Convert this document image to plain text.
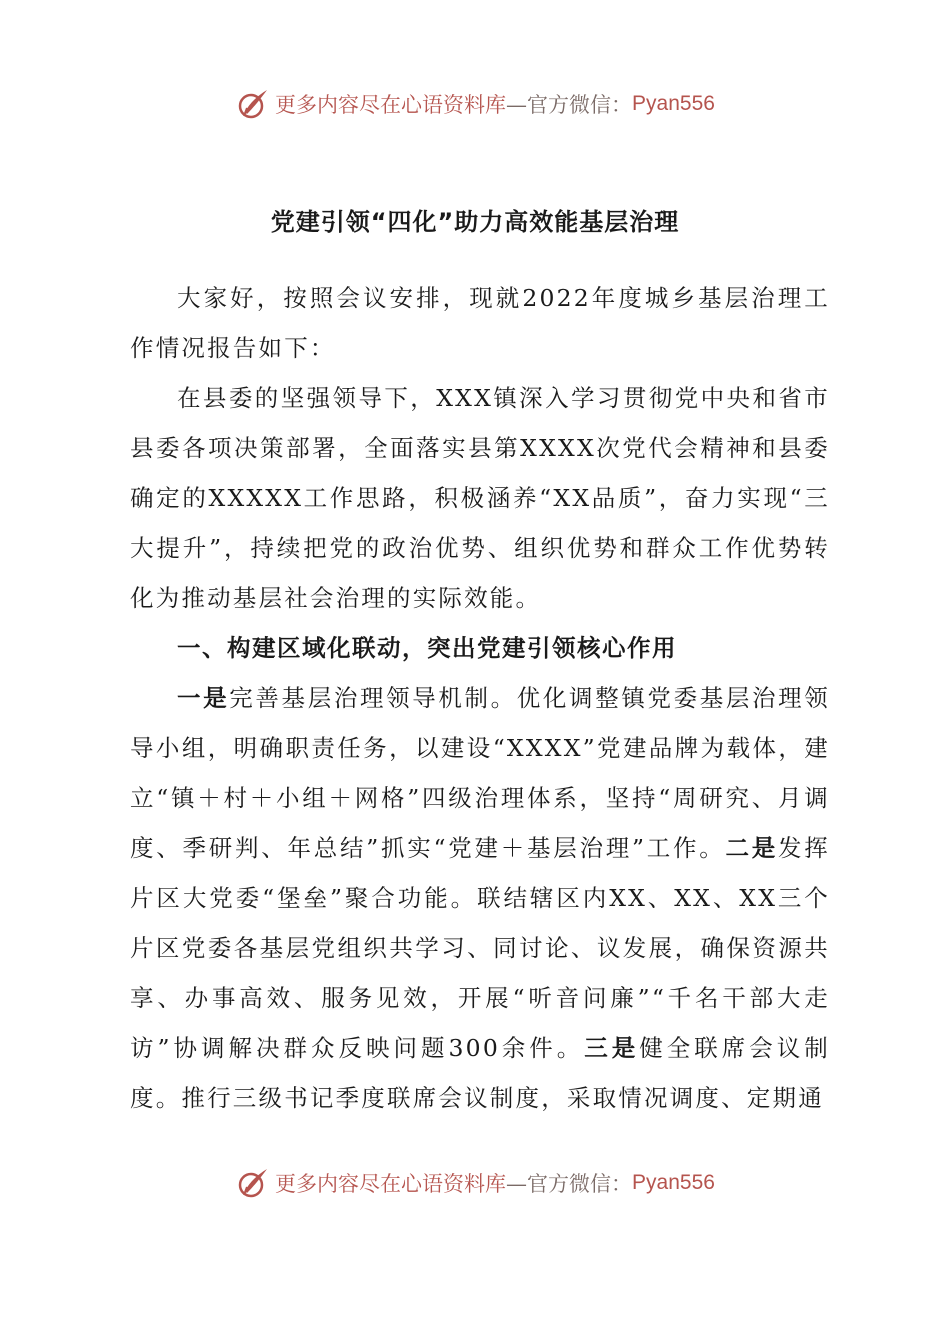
更多内容尽在心语资料库 —官方微信： Pyan556
党建引领“四化”助力高效能基层治理

大家好，按照会议安排，现就2022年度城乡基层治理工作情况报告如下：

在县委的坚强领导下，XXX镇深入学习贯彻党中央和省市县委各项决策部署，全面落实县第XXXX次党代会精神和县委确定的XXXXX工作思路，积极涵养“XX品质”，奋力实现“三大提升”，持续把党的政治优势、组织优势和群众工作优势转化为推动基层社会治理的实际效能。

一、构建区域化联动，突出党建引领核心作用

一是完善基层治理领导机制。优化调整镇党委基层治理领导小组，明确职责任务，以建设“XXXX”党建品牌为载体，建立“镇＋村＋小组＋网格”四级治理体系，坚持“周研究、月调度、季研判、年总结”抓实“党建＋基层治理”工作。二是发挥片区大党委“堡垒”聚合功能。联结辖区内XX、XX、XX三个片区党委各基层党组织共学习、同讨论、议发展，确保资源共享、办事高效、服务见效，开展“听音问廉”“千名干部大走访”协调解决群众反映问题300余件。三是健全联席会议制度。推行三级书记季度联席会议制度，采取情况调度、定期通

更多内容尽在心语资料库 —官方微信： Pyan556
